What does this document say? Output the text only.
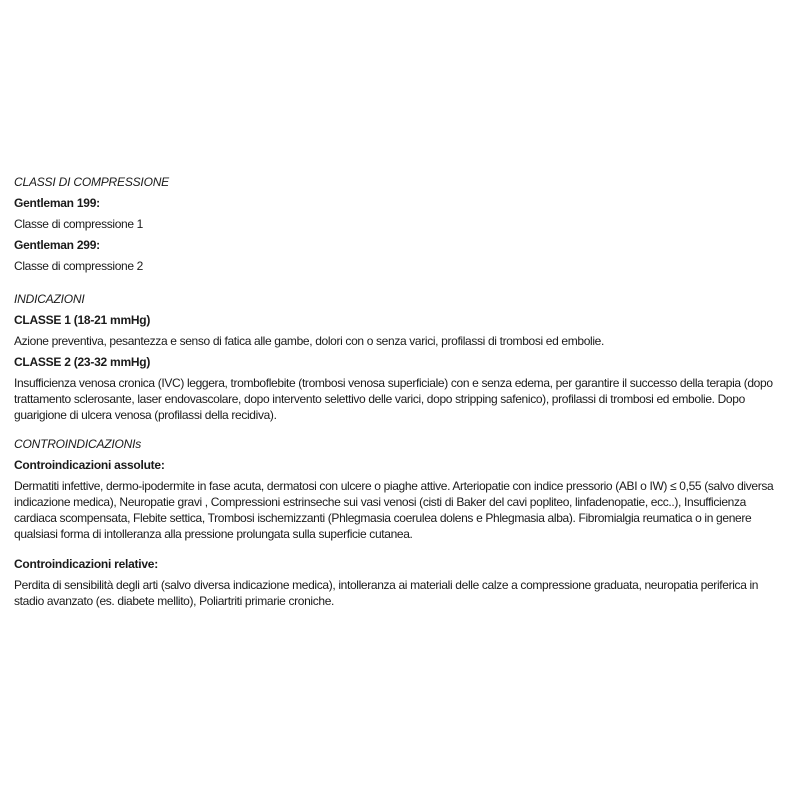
CLASSI DI COMPRESSIONE

Gentleman 199:

Classe di compressione 1

Gentleman 299:

Classe di compressione 2

INDICAZIONI

CLASSE 1 (18-21 mmHg)

Azione preventiva, pesantezza e senso di fatica alle gambe, dolori con o senza varici, profilassi di trombosi ed embolie.

CLASSE 2 (23-32 mmHg)

Insufficienza venosa cronica (IVC) leggera, tromboflebite (trombosi venosa superficiale) con e senza edema, per garantire il successo della terapia (dopo trattamento sclerosante, laser endovascolare, dopo intervento selettivo delle varici, dopo stripping safenico), profilassi di trombosi ed embolie. Dopo guarigione di ulcera venosa (profilassi della recidiva).

CONTROINDICAZIONIs

Controindicazioni assolute:

Dermatiti infettive, dermo-ipodermite in fase acuta, dermatosi con ulcere o piaghe attive. Arteriopatie con indice pressorio (ABI o IW) ≤ 0,55 (salvo diversa indicazione medica), Neuropatie gravi , Compressioni estrinseche sui vasi venosi (cisti di Baker del cavi popliteo, linfadenopatie, ecc..), Insufficienza cardiaca scompensata, Flebite settica, Trombosi ischemizzanti (Phlegmasia coerulea dolens e Phlegmasia alba). Fibromialgia reumatica o in genere qualsiasi forma di intolleranza alla pressione prolungata sulla superficie cutanea.

Controindicazioni relative:

Perdita di sensibilità degli arti (salvo diversa indicazione medica), intolleranza ai materiali delle calze a compressione graduata, neuropatia periferica in stadio avanzato (es. diabete mellito), Poliartriti primarie croniche.
